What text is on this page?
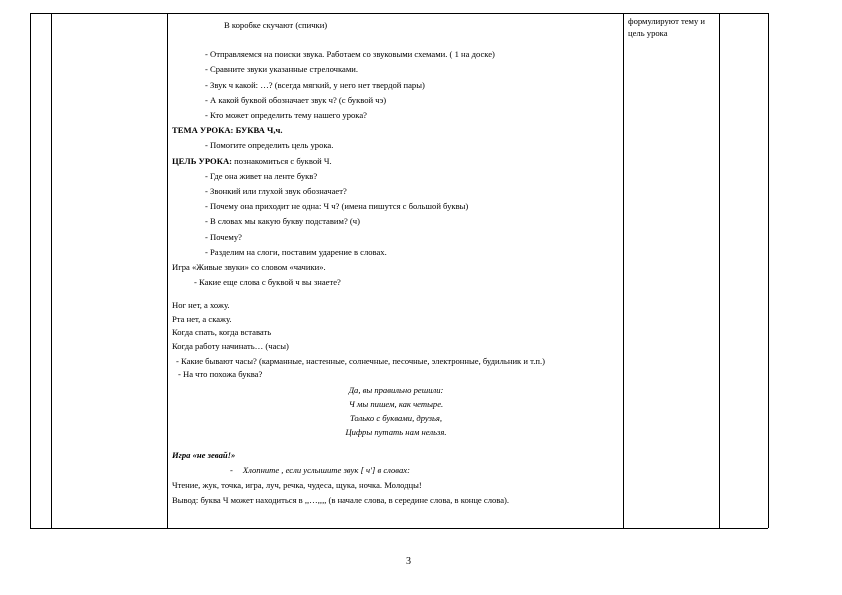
В коробке скучают (спички)
- Отправляемся на поиски звука. Работаем со звуковыми схемами. ( 1 на доске)
- Сравните звуки указанные стрелочками.
- Звук ч какой: …? (всегда мягкий, у него нет твердой пары)
- А какой буквой обозначает звук ч? (с буквой чэ)
- Кто может определить тему нашего урока?
ТЕМА УРОКА: БУКВА Ч,ч.
- Помогите определить цель урока.
ЦЕЛЬ УРОКА: познакомиться с буквой Ч.
- Где она живет на ленте букв?
- Звонкий или глухой звук обозначает?
- Почему она приходит не одна: Ч ч? (имена пишутся с большой буквы)
- В словах мы какую букву подставим? (ч)
- Почему?
- Разделим на слоги, поставим ударение в словах.
Игра «Живые звуки» со словом «чачики».
- Какие еще слова с буквой ч вы знаете?
Ног нет, а хожу.
Рта нет, а скажу.
Когда спать, когда вставать
Когда работу начинать… (часы)
- Какие бывают часы? (карманные, настенные, солнечные, песочные, электронные, будильник и т.п.)
- На что похожа буква?
Да, вы правильно решили:
Ч мы пишем, как четыре.
Только с буквами, друзья,
Цифры путать нам нельзя.
Игра «не зевай!»
- Хлопните , если услышите звук [ ч'] в словах:
Чтение, жук, точка, игра, луч, речка, чудеса, щука, ночка. Молодцы!
Вывод: буква Ч может находиться в ,,…,,,, (в начале слова, в середине слова, в конце слова).
формулируют тему и цель урока
3
